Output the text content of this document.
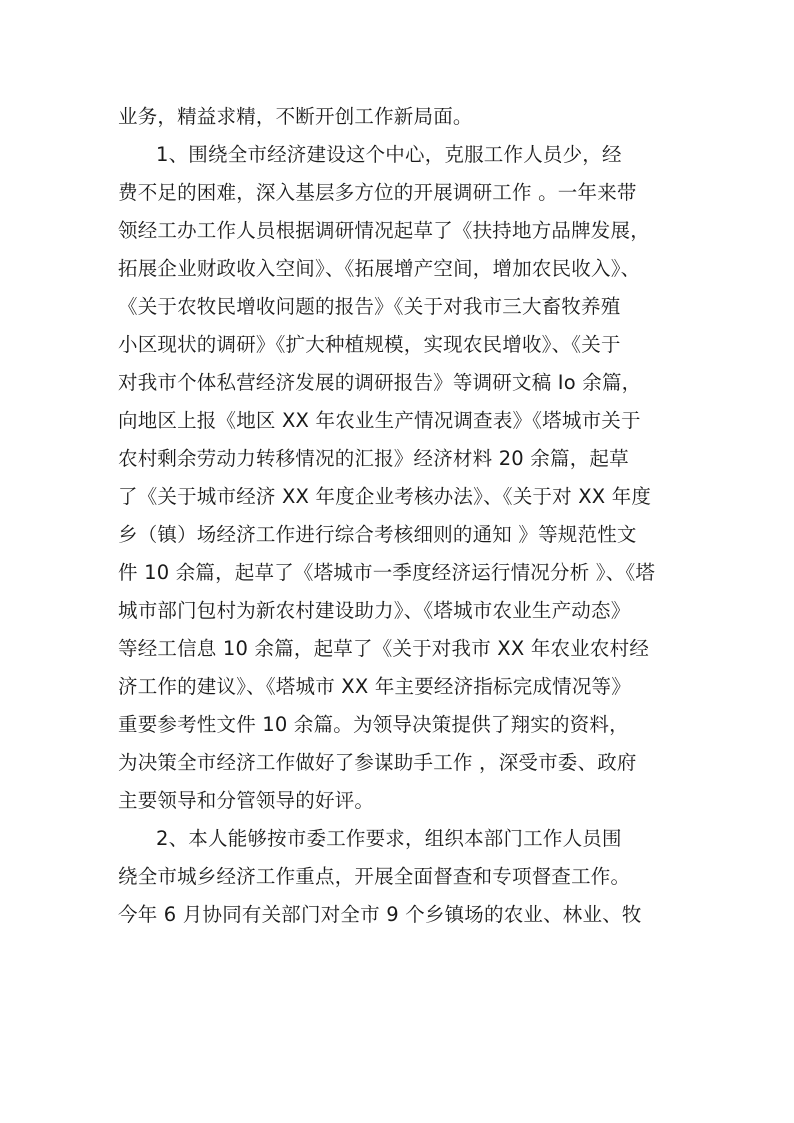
业务，精益求精，不断开创工作新局面。
1、围绕全市经济建设这个中心，克服工作人员少，经
费不足的困难，深入基层多方位的开展调研工作 。一年来带
领经工办工作人员根据调研情况起草了《扶持地方品牌发展，
拓展企业财政收入空间》、《拓展增产空间，增加农民收入》、
《关于农牧民增收问题的报告》《关于对我市三大畜牧养殖
小区现状的调研》《扩大种植规模，实现农民增收》、《关于
对我市个体私营经济发展的调研报告》等调研文稿 Io 余篇，
向地区上报《地区 XX 年农业生产情况调查表》《塔城市关于
农村剩余劳动力转移情况的汇报》经济材料 20 余篇，起草
了《关于城市经济 XX 年度企业考核办法》、《关于对 XX 年度
乡（镇）场经济工作进行综合考核细则的通知 》等规范性文
件 10 余篇，起草了《塔城市一季度经济运行情况分析 》、《塔
城市部门包村为新农村建设助力》、《塔城市农业生产动态》
等经工信息 10 余篇，起草了《关于对我市 XX 年农业农村经
济工作的建议》、《塔城市 XX 年主要经济指标完成情况等》
重要参考性文件 10 余篇。为领导决策提供了翔实的资料，
为决策全市经济工作做好了参谋助手工作 ，深受市委、政府
主要领导和分管领导的好评。
2、本人能够按市委工作要求，组织本部门工作人员围
绕全市城乡经济工作重点，开展全面督查和专项督查工作。
今年 6 月协同有关部门对全市 9 个乡镇场的农业、林业、牧
